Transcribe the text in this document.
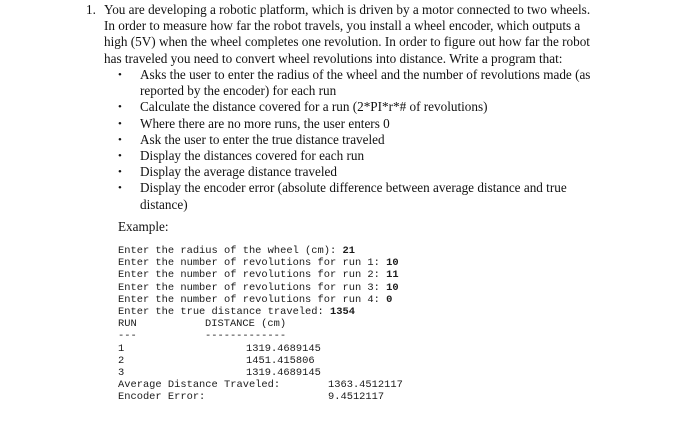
1. You are developing a robotic platform, which is driven by a motor connected to two wheels.
In order to measure how far the robot travels, you install a wheel encoder, which outputs a
high (5V) when the wheel completes one revolution. In order to figure out how far the robot
has traveled you need to convert wheel revolutions into distance. Write a program that:
• Asks the user to enter the radius of the wheel and the number of revolutions made (as
reported by the encoder) for each run
• Calculate the distance covered for a run (2*PI*r*# of revolutions)
• Where there are no more runs, the user enters 0
• Ask the user to enter the true distance traveled
• Display the distances covered for each run
• Display the average distance traveled
• Display the encoder error (absolute difference between average distance and true
distance)
Example:
Enter the radius of the wheel (cm): 21
Enter the number of revolutions for run 1: 10
Enter the number of revolutions for run 2: 11
Enter the number of revolutions for run 3: 10
Enter the number of revolutions for run 4: 0
Enter the true distance traveled: 1354

RUN

	DISTANCE (cm)

---

	-------------

1

	1319.4689145

2

	1451.415806

3

	1319.4689145

Average Distance Traveled:

	1363.4512117

Encoder Error:

	9.4512117
